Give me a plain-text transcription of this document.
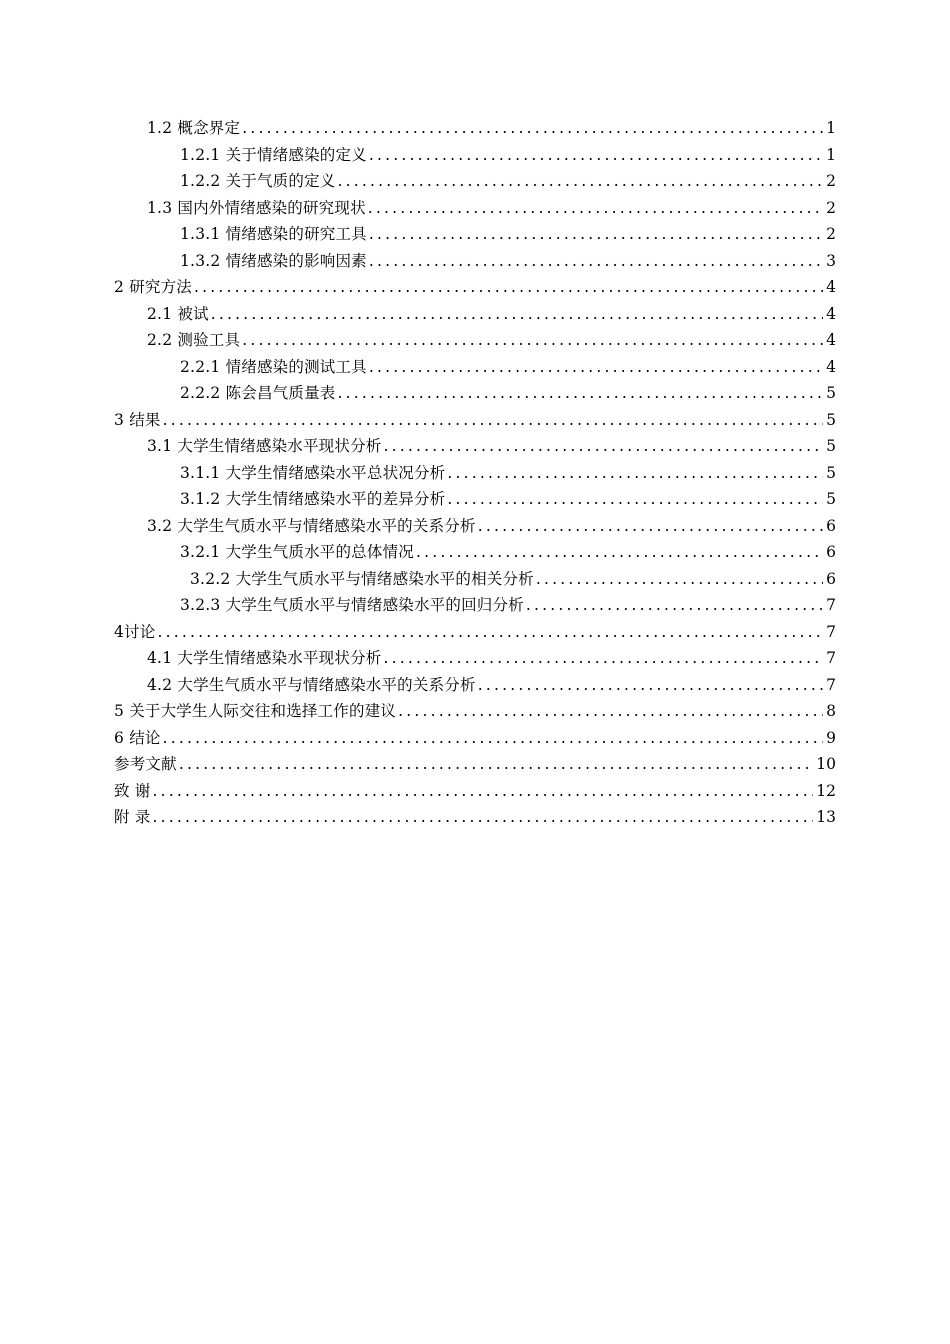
1.2 概念界定 .....	1
1.2.1 关于情绪感染的定义 .....	1
1.2.2 关于气质的定义 .....	2
1.3 国内外情绪感染的研究现状 .....	2
1.3.1 情绪感染的研究工具 .....	2
1.3.2 情绪感染的影响因素 .....	3
2 研究方法 .....	4
2.1 被试 .....	4
2.2 测验工具 .....	4
2.2.1 情绪感染的测试工具 .....	4
2.2.2 陈会昌气质量表 .....	5
3 结果 .....	5
3.1 大学生情绪感染水平现状分析 .....	5
3.1.1 大学生情绪感染水平总状况分析 .....	5
3.1.2 大学生情绪感染水平的差异分析 .....	5
3.2 大学生气质水平与情绪感染水平的关系分析 .....	6
3.2.1 大学生气质水平的总体情况 .....	6
3.2.2 大学生气质水平与情绪感染水平的相关分析 .....	6
3.2.3 大学生气质水平与情绪感染水平的回归分析 .....	7
4讨论 .....	7
4.1 大学生情绪感染水平现状分析 .....	7
4.2 大学生气质水平与情绪感染水平的关系分析 .....	7
5 关于大学生人际交往和选择工作的建议 .....	8
6 结论 .....	9
参考文献 .....	10
致 谢 .....	12
附 录 .....	13
